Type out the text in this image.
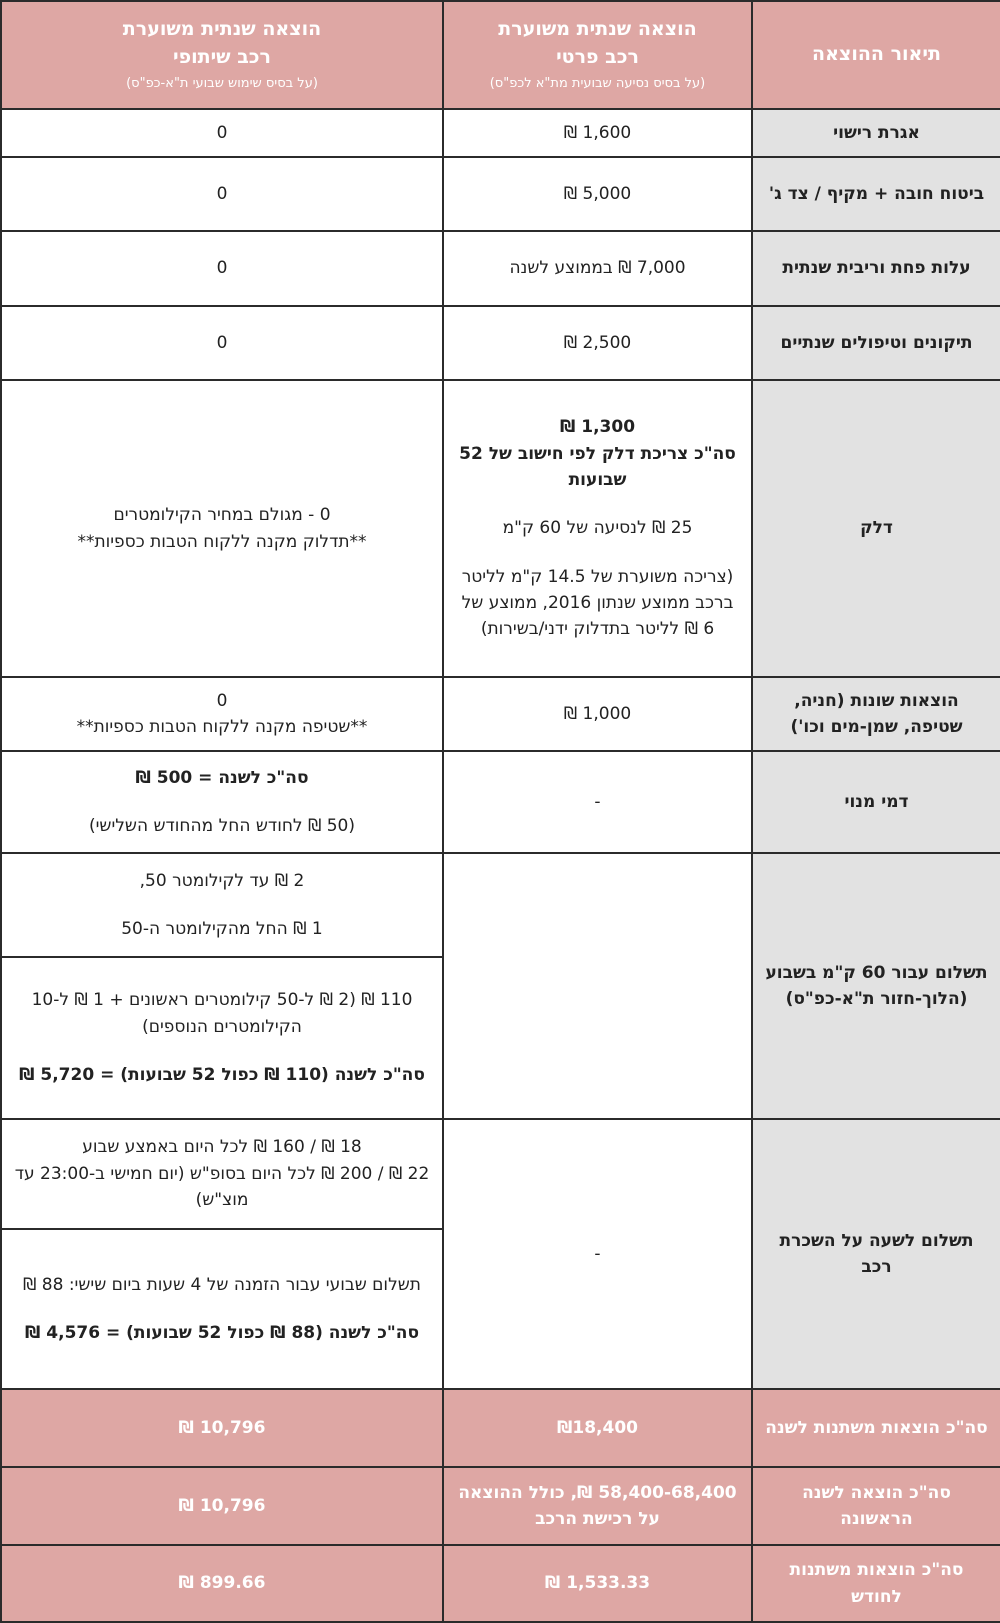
תיאור ההוצאה	הוצאה שנתית משוערת
רכב פרטי
(על בסיס נסיעה שבועית מת"א לכפ"ס)	הוצאה שנתית משוערת
רכב שיתופי
(על בסיס שימוש שבועי ת"א-כפ"ס)

אגרת רישוי	1,600 ₪	0
ביטוח חובה + מקיף / צד ג'	5,000 ₪	0
עלות פחת וריבית שנתית	7,000 ₪ בממוצע לשנה	0
תיקונים וטיפולים שנתיים	2,500 ₪	0
דלק	1,300 ₪
סה"כ צריכת דלק לפי חישוב של 52 שבועות
25 ₪ לנסיעה של 60 ק"מ
(צריכה משוערת של 14.5 ק"מ לליטר ברכב ממוצע שנתון 2016, ממוצע של 6 ₪ לליטר בתדלוק ידני/בשירות)	0 - מגולם במחיר הקילומטרים
**תדלוק מקנה ללקוח הטבות כספיות**

הוצאות שונות (חניה, שטיפה, שמן-מים וכו')	1,000 ₪	0
**שטיפה מקנה ללקוח הטבות כספיות**

דמי מנוי	-	סה"כ לשנה = 500 ₪
(50 ₪ לחודש החל מהחודש השלישי)

תשלום עבור 60 ק"מ בשבוע (הלוך-חזור ת"א-כפ"ס)		2 ₪ עד לקילומטר 50,
1 ₪ החל מהקילומטר ה-50

		110 ₪ (2 ₪ ל-50 קילומטרים ראשונים + 1 ₪ ל-10 הקילומטרים הנוספים)
סה"כ לשנה (110 ₪ כפול 52 שבועות) = 5,720 ₪

תשלום לשעה על השכרת רכב	-	18 ₪ / 160 ₪ לכל היום באמצע שבוע
22 ₪ / 200 ₪ לכל היום בסופ"ש (יום חמישי ב-23:00 עד מוצ"ש)

		תשלום שבועי עבור הזמנה של 4 שעות ביום שישי: 88 ₪
סה"כ לשנה (88 ₪ כפול 52 שבועות) = 4,576 ₪

סה"כ הוצאות משתנות לשנה	₪18,400	10,796 ₪
סה"כ הוצאה לשנה הראשונה	58,400-68,400 ₪, כולל ההוצאה על רכישת הרכב	10,796 ₪
סה"כ הוצאות משתנות לחודש	1,533.33 ₪	899.66 ₪
